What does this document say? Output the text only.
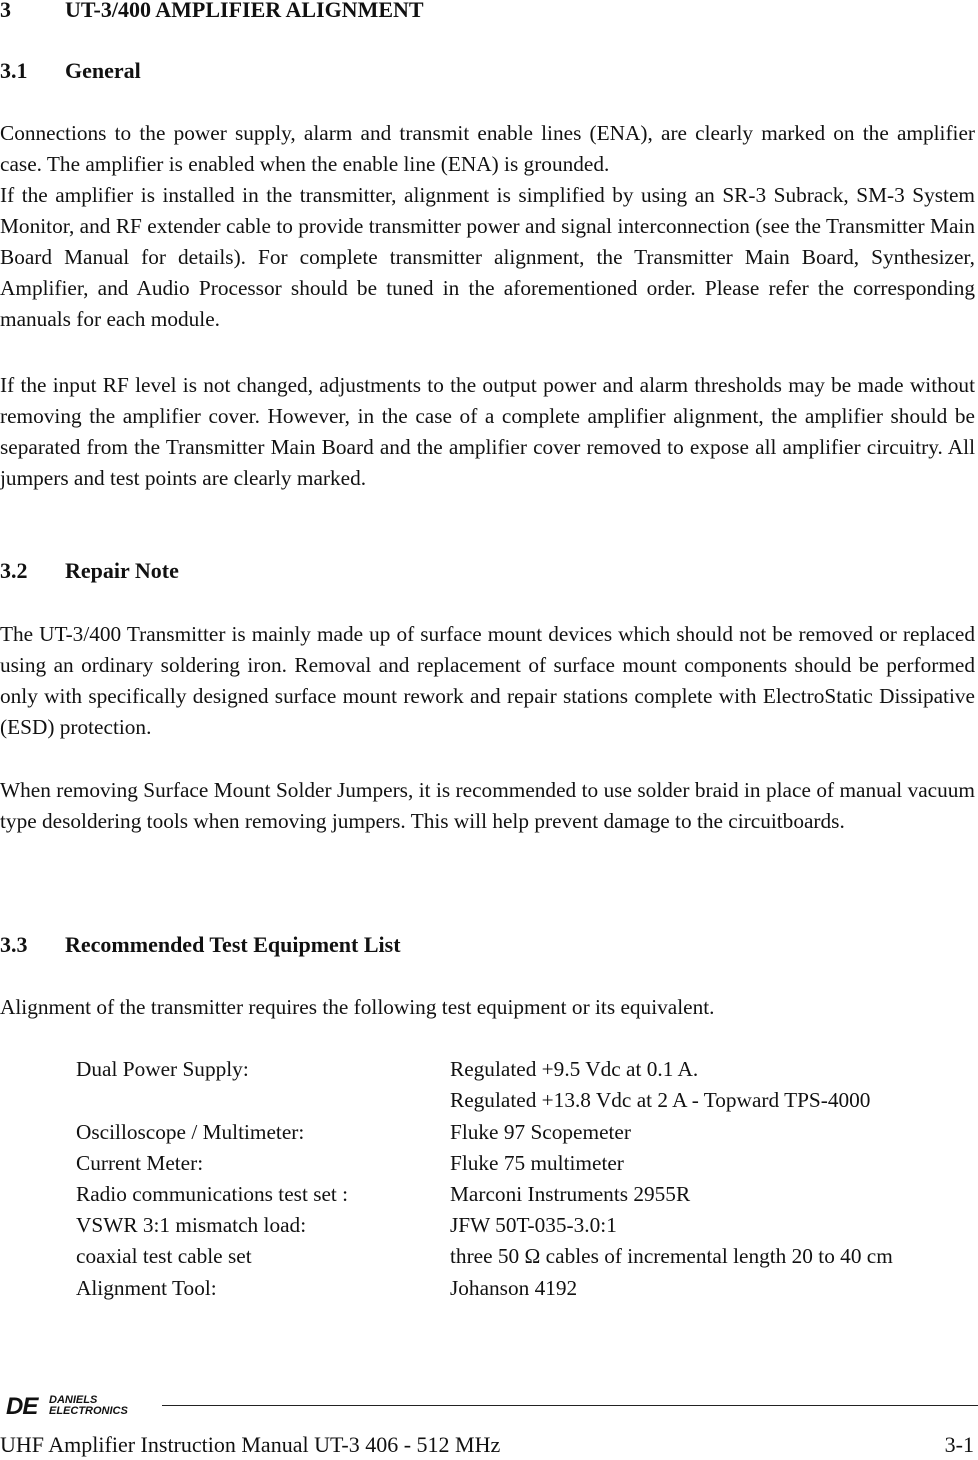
3 UT-3/400 AMPLIFIER ALIGNMENT
3.1 General

Connections to the power supply, alarm and transmit enable lines (ENA), are clearly marked on the amplifier case. The amplifier is enabled when the enable line (ENA) is grounded.

If the amplifier is installed in the transmitter, alignment is simplified by using an SR-3 Subrack, SM-3 System Monitor, and RF extender cable to provide transmitter power and signal interconnection (see the Transmitter Main Board Manual for details). For complete transmitter alignment, the Transmitter Main Board, Synthesizer, Amplifier, and Audio Processor should be tuned in the aforementioned order. Please refer the corresponding manuals for each module.

If the input RF level is not changed, adjustments to the output power and alarm thresholds may be made without removing the amplifier cover. However, in the case of a complete amplifier alignment, the amplifier should be separated from the Transmitter Main Board and the amplifier cover removed to expose all amplifier circuitry. All jumpers and test points are clearly marked.

3.2 Repair Note

The UT-3/400 Transmitter is mainly made up of surface mount devices which should not be removed or replaced using an ordinary soldering iron. Removal and replacement of surface mount components should be performed only with specifically designed surface mount rework and repair stations complete with ElectroStatic Dissipative (ESD) protection.

When removing Surface Mount Solder Jumpers, it is recommended to use solder braid in place of manual vacuum type desoldering tools when removing jumpers. This will help prevent damage to the circuitboards.

3.3 Recommended Test Equipment List

Alignment of the transmitter requires the following test equipment or its equivalent.

Dual Power Supply:	Regulated +9.5 Vdc at 0.1 A.
Regulated +13.8 Vdc at 2 A - Topward TPS-4000
Oscilloscope / Multimeter:	Fluke 97 Scopemeter
Current Meter:	Fluke 75 multimeter
Radio communications test set :	Marconi Instruments 2955R
VSWR 3:1 mismatch load:	JFW 50T-035-3.0:1
coaxial test cable set	three 50 Ω cables of incremental length 20 to 40 cm
Alignment Tool:	Johanson 4192
DE DANIELS
ELECTRONICS
UHF Amplifier Instruction Manual UT-3 406 - 512 MHz	3-1
